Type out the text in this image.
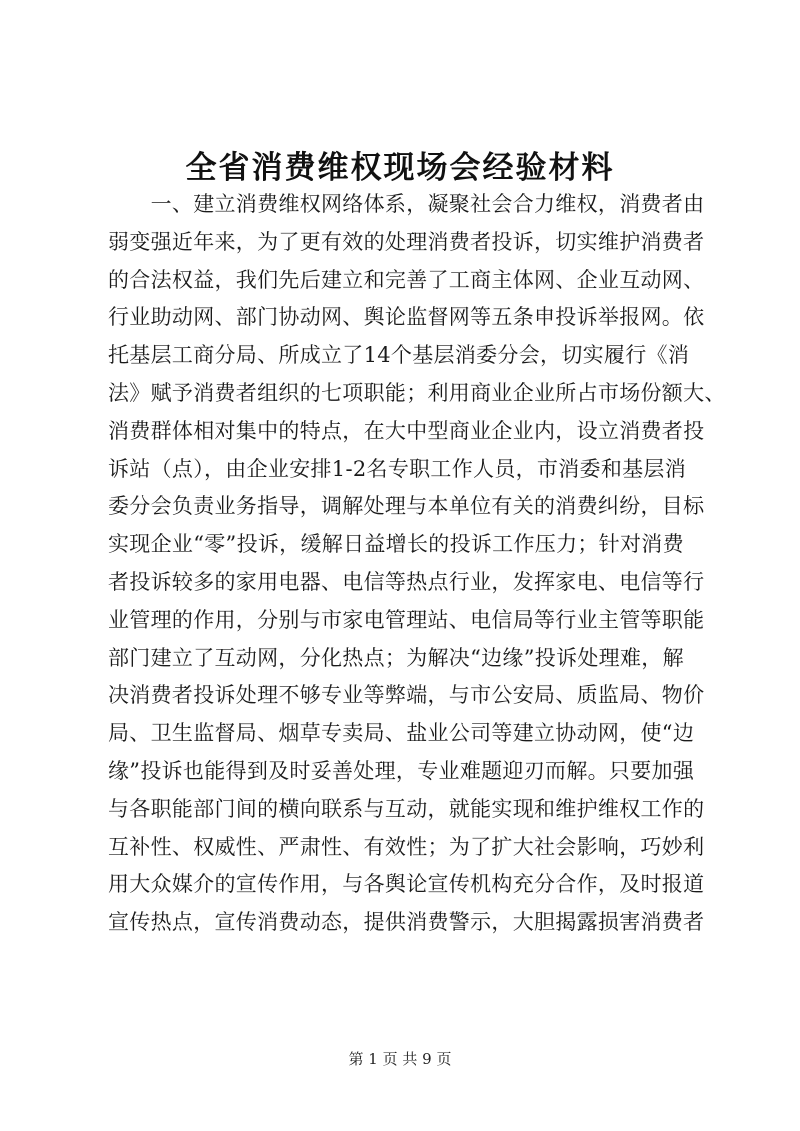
全省消费维权现场会经验材料
　　一、建立消费维权网络体系，凝聚社会合力维权，消费者由
弱变强近年来，为了更有效的处理消费者投诉，切实维护消费者
的合法权益，我们先后建立和完善了工商主体网、企业互动网、
行业助动网、部门协动网、舆论监督网等五条申投诉举报网。依
托基层工商分局、所成立了14个基层消委分会，切实履行《消
法》赋予消费者组织的七项职能；利用商业企业所占市场份额大、
消费群体相对集中的特点，在大中型商业企业内，设立消费者投
诉站（点），由企业安排1-2名专职工作人员，市消委和基层消
委分会负责业务指导，调解处理与本单位有关的消费纠纷，目标
实现企业“零”投诉，缓解日益增长的投诉工作压力；针对消费
者投诉较多的家用电器、电信等热点行业，发挥家电、电信等行
业管理的作用，分别与市家电管理站、电信局等行业主管等职能
部门建立了互动网，分化热点；为解决“边缘”投诉处理难，解
决消费者投诉处理不够专业等弊端，与市公安局、质监局、物价
局、卫生监督局、烟草专卖局、盐业公司等建立协动网，使“边
缘”投诉也能得到及时妥善处理，专业难题迎刃而解。只要加强
与各职能部门间的横向联系与互动，就能实现和维护维权工作的
互补性、权威性、严肃性、有效性；为了扩大社会影响，巧妙利
用大众媒介的宣传作用，与各舆论宣传机构充分合作，及时报道
宣传热点，宣传消费动态，提供消费警示，大胆揭露损害消费者
第 1 页 共 9 页
